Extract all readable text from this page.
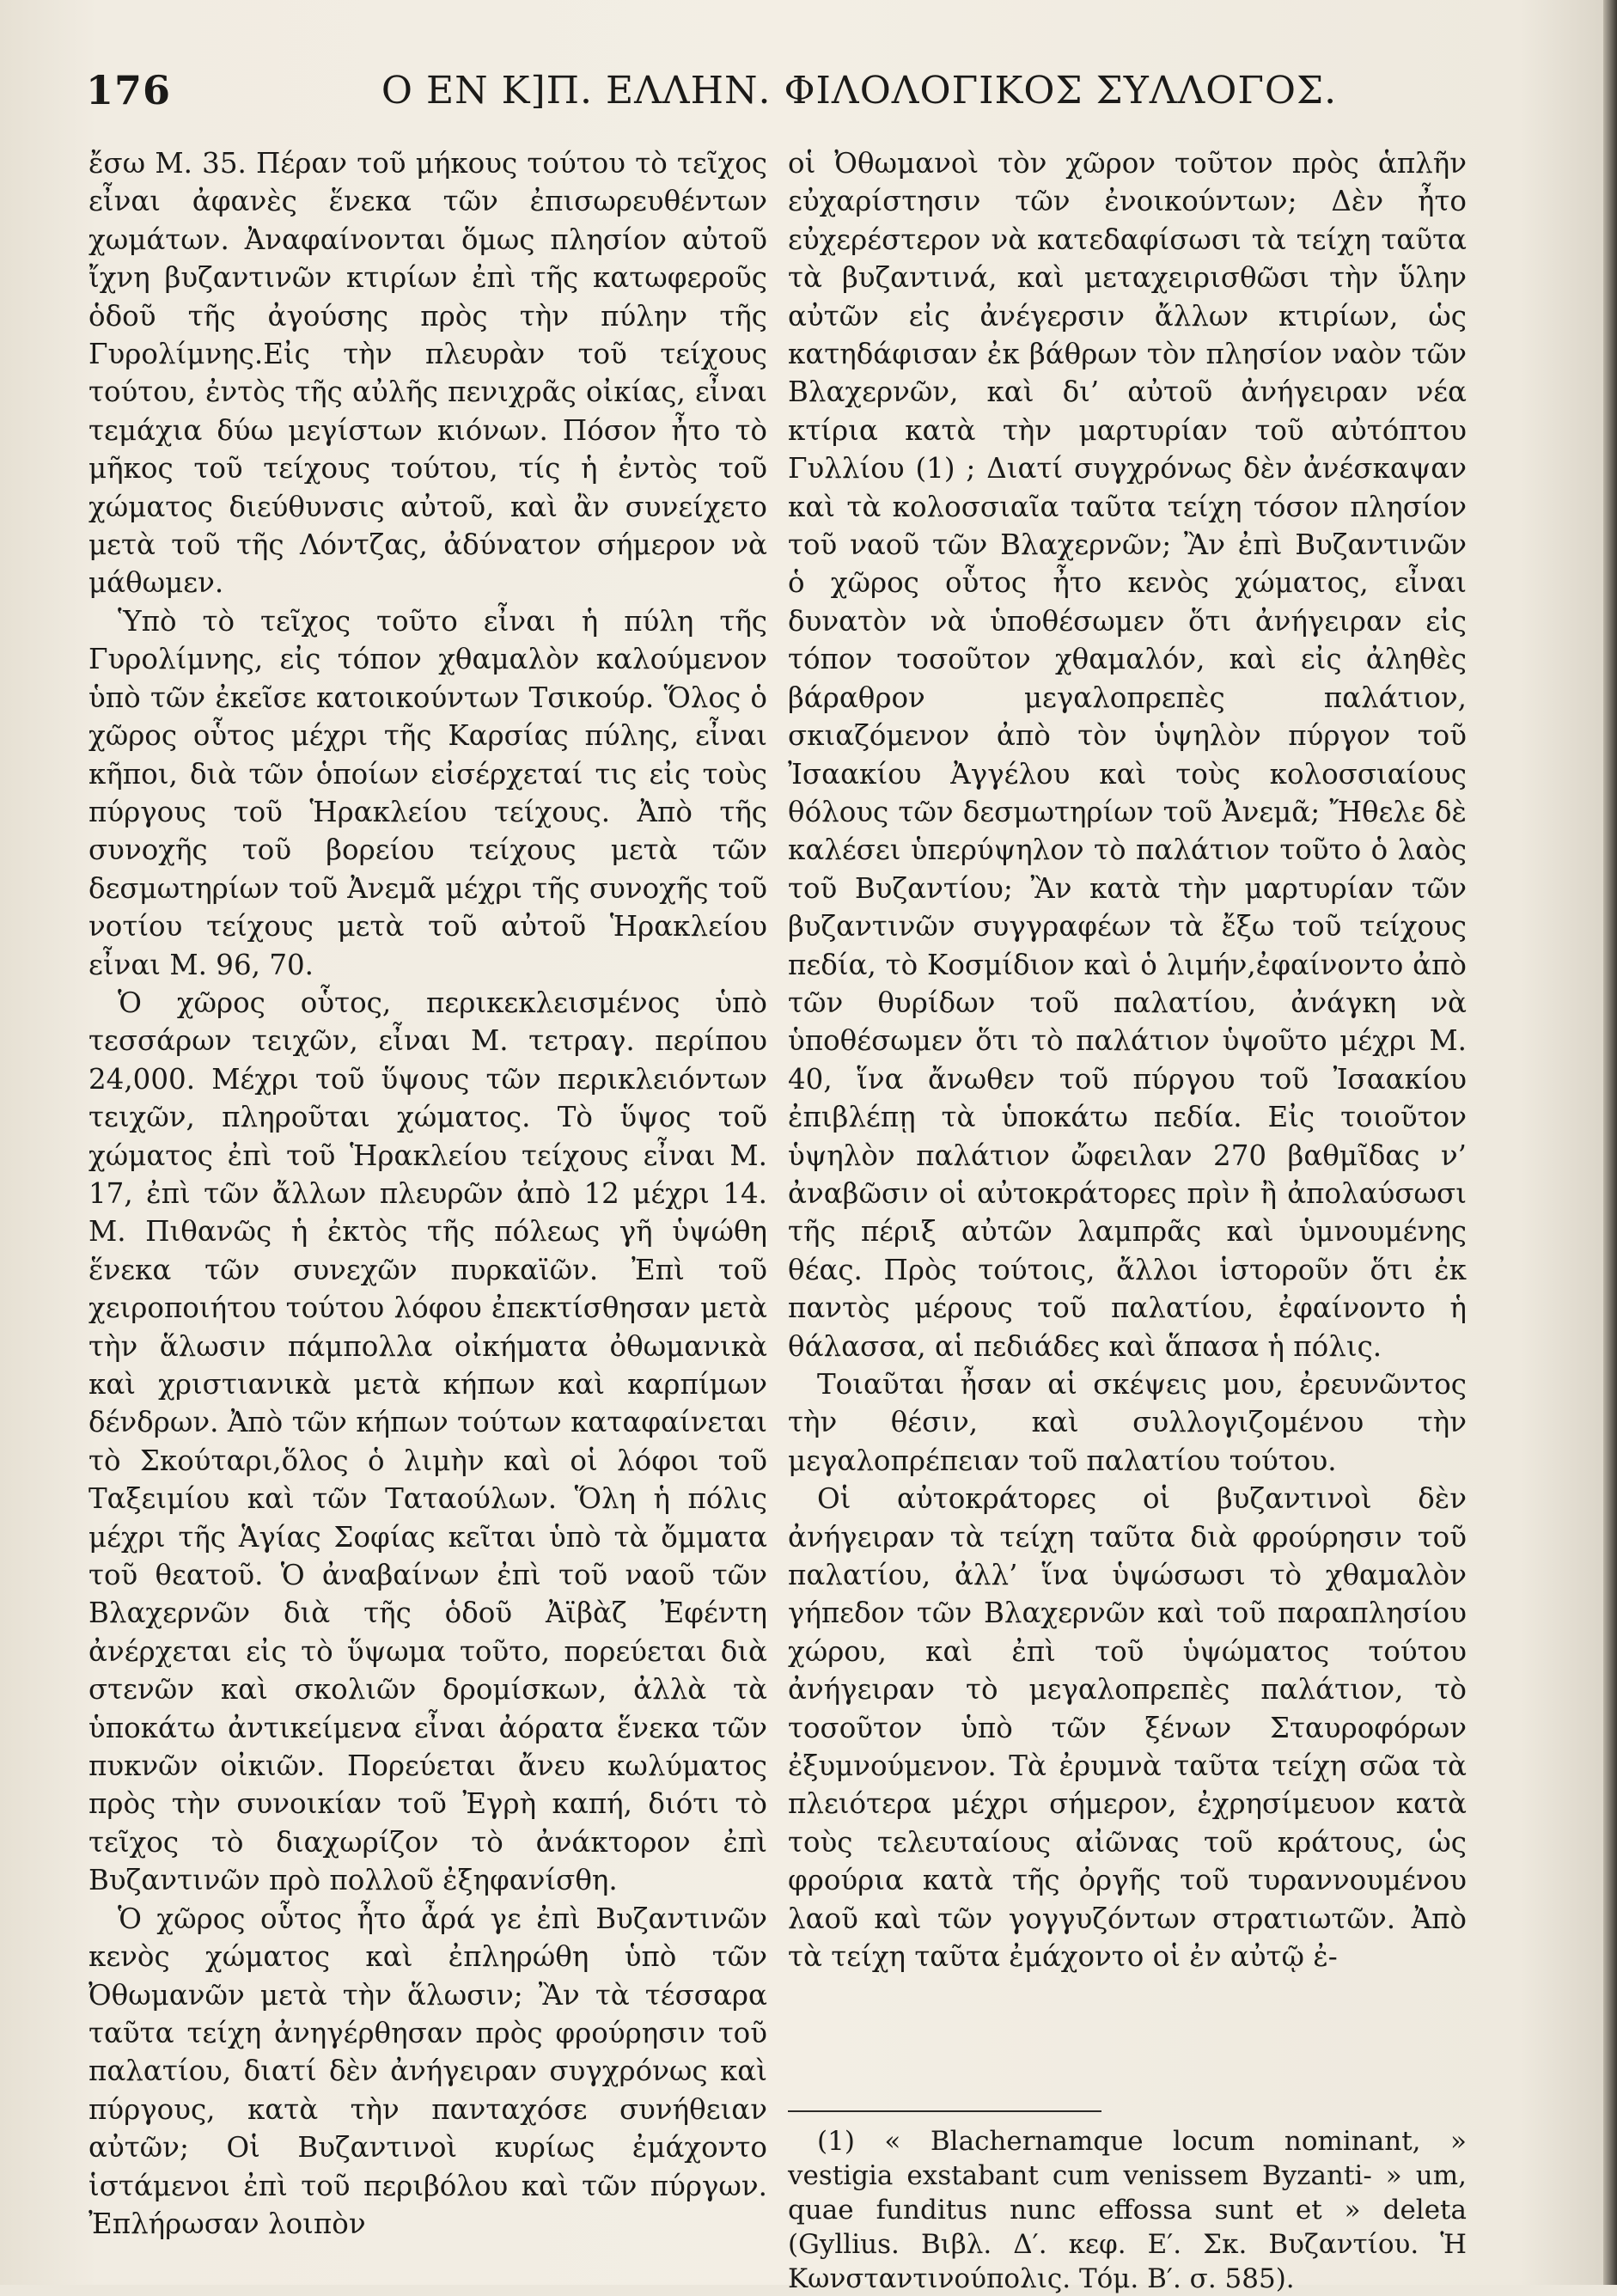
176	Ο ΕΝ Κ]Π. ΕΛΛΗΝ. ΦΙΛΟΛΟΓΙΚΟΣ ΣΥΛΛΟΓΟΣ.

ἔσω Μ. 35. Πέραν τοῦ μήκους τούτου τὸ τεῖχος εἶναι ἀφανὲς ἕνεκα τῶν ἐπισωρευθέντων χωμάτων. Ἀναφαίνονται ὅμως πλησίον αὐτοῦ ἴχνη βυζαντινῶν κτιρίων ἐπὶ τῆς κατωφεροῦς ὁδοῦ τῆς ἀγούσης πρὸς τὴν πύλην τῆς Γυρολίμνης.Εἰς τὴν πλευρὰν τοῦ τείχους τούτου, ἐντὸς τῆς αὐλῆς πενιχρᾶς οἰκίας, εἶναι τεμάχια δύω μεγίστων κιόνων. Πόσον ἦτο τὸ μῆκος τοῦ τείχους τούτου, τίς ἡ ἐντὸς τοῦ χώματος διεύθυνσις αὐτοῦ, καὶ ἂν συνείχετο μετὰ τοῦ τῆς Λόντζας, ἀδύνατον σήμερον νὰ μάθωμεν.

Ὑπὸ τὸ τεῖχος τοῦτο εἶναι ἡ πύλη τῆς Γυρολίμνης, εἰς τόπον χθαμαλὸν καλούμενον ὑπὸ τῶν ἐκεῖσε κατοικούντων Τσικούρ. Ὅλος ὁ χῶρος οὗτος μέχρι τῆς Καρσίας πύλης, εἶναι κῆποι, διὰ τῶν ὁποίων εἰσέρχεταί τις εἰς τοὺς πύργους τοῦ Ἡρακλείου τείχους. Ἀπὸ τῆς συνοχῆς τοῦ βορείου τείχους μετὰ τῶν δεσμωτηρίων τοῦ Ἀνεμᾶ μέχρι τῆς συνοχῆς τοῦ νοτίου τείχους μετὰ τοῦ αὐτοῦ Ἡρακλείου εἶναι Μ. 96, 70.

Ὁ χῶρος οὗτος, περικεκλεισμένος ὑπὸ τεσσάρων τειχῶν, εἶναι Μ. τετραγ. περίπου 24,000. Μέχρι τοῦ ὕψους τῶν περικλειόντων τειχῶν, πληροῦται χώματος. Τὸ ὕψος τοῦ χώματος ἐπὶ τοῦ Ἡρακλείου τείχους εἶναι Μ. 17, ἐπὶ τῶν ἄλλων πλευρῶν ἀπὸ 12 μέχρι 14. Μ. Πιθανῶς ἡ ἐκτὸς τῆς πόλεως γῆ ὑψώθη ἕνεκα τῶν συνεχῶν πυρκαϊῶν. Ἐπὶ τοῦ χειροποιήτου τούτου λόφου ἐπεκτίσθησαν μετὰ τὴν ἅλωσιν πάμπολλα οἰκήματα ὀθωμανικὰ καὶ χριστιανικὰ μετὰ κήπων καὶ καρπίμων δένδρων. Ἀπὸ τῶν κήπων τούτων καταφαίνεται τὸ Σκούταρι,ὅλος ὁ λιμὴν καὶ οἱ λόφοι τοῦ Ταξειμίου καὶ τῶν Ταταούλων. Ὅλη ἡ πόλις μέχρι τῆς Ἁγίας Σοφίας κεῖται ὑπὸ τὰ ὄμματα τοῦ θεατοῦ. Ὁ ἀναβαίνων ἐπὶ τοῦ ναοῦ τῶν Βλαχερνῶν διὰ τῆς ὁδοῦ Ἀϊβὰζ Ἐφέντη ἀνέρχεται εἰς τὸ ὕψωμα τοῦτο, πορεύεται διὰ στενῶν καὶ σκολιῶν δρομίσκων, ἀλλὰ τὰ ὑποκάτω ἀντικείμενα εἶναι ἀόρατα ἕνεκα τῶν πυκνῶν οἰκιῶν. Πορεύεται ἄνευ κωλύματος πρὸς τὴν συνοικίαν τοῦ Ἐγρὴ καπή, διότι τὸ τεῖχος τὸ διαχωρίζον τὸ ἀνάκτορον ἐπὶ Βυζαντινῶν πρὸ πολλοῦ ἐξηφανίσθη.

Ὁ χῶρος οὗτος ἦτο ἆρά γε ἐπὶ Βυζαντινῶν κενὸς χώματος καὶ ἐπληρώθη ὑπὸ τῶν Ὀθωμανῶν μετὰ τὴν ἅλωσιν; Ἂν τὰ τέσσαρα ταῦτα τείχη ἀνηγέρθησαν πρὸς φρούρησιν τοῦ παλατίου, διατί δὲν ἀνήγειραν συγχρόνως καὶ πύργους, κατὰ τὴν πανταχόσε συνήθειαν αὐτῶν; Οἱ Βυζαντινοὶ κυρίως ἐμάχοντο ἱστάμενοι ἐπὶ τοῦ περιβόλου καὶ τῶν πύργων. Ἐπλήρωσαν λοιπὸν

οἱ Ὀθωμανοὶ τὸν χῶρον τοῦτον πρὸς ἁπλῆν εὐχαρίστησιν τῶν ἐνοικούντων; Δὲν ἦτο εὐχερέστερον νὰ κατεδαφίσωσι τὰ τείχη ταῦτα τὰ βυζαντινά, καὶ μεταχειρισθῶσι τὴν ὕλην αὐτῶν εἰς ἀνέγερσιν ἄλλων κτιρίων, ὡς κατηδάφισαν ἐκ βάθρων τὸν πλησίον ναὸν τῶν Βλαχερνῶν, καὶ δι’ αὐτοῦ ἀνήγειραν νέα κτίρια κατὰ τὴν μαρτυρίαν τοῦ αὐτόπτου Γυλλίου (1) ; Διατί συγχρόνως δὲν ἀνέσκαψαν καὶ τὰ κολοσσιαῖα ταῦτα τείχη τόσον πλησίον τοῦ ναοῦ τῶν Βλαχερνῶν; Ἂν ἐπὶ Βυζαντινῶν ὁ χῶρος οὗτος ἦτο κενὸς χώματος, εἶναι δυνατὸν νὰ ὑποθέσωμεν ὅτι ἀνήγειραν εἰς τόπον τοσοῦτον χθαμαλόν, καὶ εἰς ἀληθὲς βάραθρον μεγαλοπρεπὲς παλάτιον, σκιαζόμενον ἀπὸ τὸν ὑψηλὸν πύργον τοῦ Ἰσαακίου Ἀγγέλου καὶ τοὺς κολοσσιαίους θόλους τῶν δεσμωτηρίων τοῦ Ἀνεμᾶ; Ἤθελε δὲ καλέσει ὑπερύψηλον τὸ παλάτιον τοῦτο ὁ λαὸς τοῦ Βυζαντίου; Ἂν κατὰ τὴν μαρτυρίαν τῶν βυζαντινῶν συγγραφέων τὰ ἔξω τοῦ τείχους πεδία, τὸ Κοσμίδιον καὶ ὁ λιμήν,ἐφαίνοντο ἀπὸ τῶν θυρίδων τοῦ παλατίου, ἀνάγκη νὰ ὑποθέσωμεν ὅτι τὸ παλάτιον ὑψοῦτο μέχρι Μ. 40, ἵνα ἄνωθεν τοῦ πύργου τοῦ Ἰσαακίου ἐπιβλέπῃ τὰ ὑποκάτω πεδία. Εἰς τοιοῦτον ὑψηλὸν παλάτιον ὤφειλαν 270 βαθμῖδας ν’ ἀναβῶσιν οἱ αὐτοκράτορες πρὶν ἢ ἀπολαύσωσι τῆς πέριξ αὐτῶν λαμπρᾶς καὶ ὑμνουμένης θέας. Πρὸς τούτοις, ἄλλοι ἱστοροῦν ὅτι ἐκ παντὸς μέρους τοῦ παλατίου, ἐφαίνοντο ἡ θάλασσα, αἱ πεδιάδες καὶ ἅπασα ἡ πόλις.

Τοιαῦται ἦσαν αἱ σκέψεις μου, ἐρευνῶντος τὴν θέσιν, καὶ συλλογιζομένου τὴν μεγαλοπρέπειαν τοῦ παλατίου τούτου.

Οἱ αὐτοκράτορες οἱ βυζαντινοὶ δὲν ἀνήγειραν τὰ τείχη ταῦτα διὰ φρούρησιν τοῦ παλατίου, ἀλλ’ ἵνα ὑψώσωσι τὸ χθαμαλὸν γήπεδον τῶν Βλαχερνῶν καὶ τοῦ παραπλησίου χώρου, καὶ ἐπὶ τοῦ ὑψώματος τούτου ἀνήγειραν τὸ μεγαλοπρεπὲς παλάτιον, τὸ τοσοῦτον ὑπὸ τῶν ξένων Σταυροφόρων ἐξυμνούμενον. Τὰ ἐρυμνὰ ταῦτα τείχη σῶα τὰ πλειότερα μέχρι σήμερον, ἐχρησίμευον κατὰ τοὺς τελευταίους αἰῶνας τοῦ κράτους, ὡς φρούρια κατὰ τῆς ὀργῆς τοῦ τυραννουμένου λαοῦ καὶ τῶν γογγυζόντων στρατιωτῶν. Ἀπὸ τὰ τείχη ταῦτα ἐμάχοντο οἱ ἐν αὐτῷ ἐ-

(1) « Blachernamque locum nominant, » vestigia exstabant cum venissem Byzanti- » um, quae funditus nunc effossa sunt et » deleta (Gyllius. Βιβλ. Δ′. κεφ. Ε′. Σκ. Βυζαντίου. Ἡ Κωνσταντινούπολις. Τόμ. Β′. σ. 585).
